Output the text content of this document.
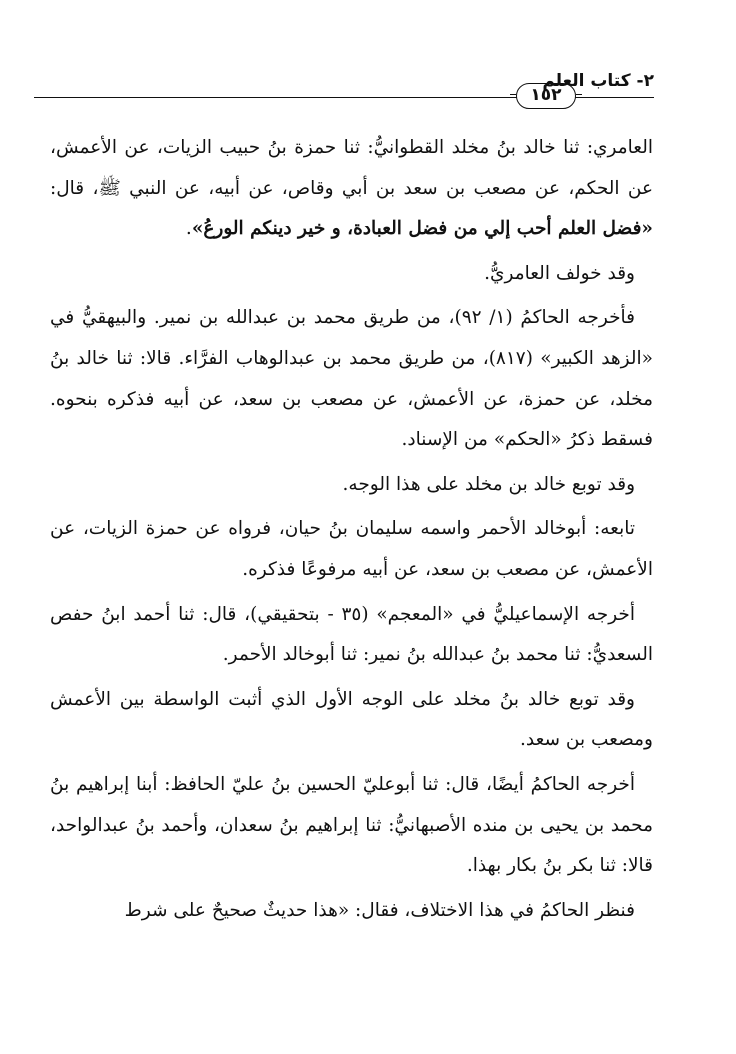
١٥٢
٢- كتاب العلم

العامري: ثنا خالد بنُ مخلد القطوانيُّ: ثنا حمزة بنُ حبيب الزيات، عن الأعمش، عن الحكم، عن مصعب بن سعد بن أبي وقاص، عن أبيه، عن النبي ﷺ، قال: «فضل العلم أحب إلي من فضل العبادة، و خير دينكم الورعُ».

وقد خولف العامريُّ.

فأخرجه الحاكمُ (١/ ٩٢)، من طريق محمد بن عبدالله بن نمير. والبيهقيُّ في «الزهد الكبير» (٨١٧)، من طريق محمد بن عبدالوهاب الفرَّاء. قالا: ثنا خالد بنُ مخلد، عن حمزة، عن الأعمش، عن مصعب بن سعد، عن أبيه فذكره بنحوه. فسقط ذكرُ «الحكم» من الإسناد.

وقد توبع خالد بن مخلد على هذا الوجه.

تابعه: أبوخالد الأحمر واسمه سليمان بنُ حيان، فرواه عن حمزة الزيات، عن الأعمش، عن مصعب بن سعد، عن أبيه مرفوعًا فذكره.

أخرجه الإسماعيليُّ في «المعجم» (٣٥ - بتحقيقي)، قال: ثنا أحمد ابنُ حفص السعديُّ: ثنا محمد بنُ عبدالله بنُ نمير: ثنا أبوخالد الأحمر.

وقد توبع خالد بنُ مخلد على الوجه الأول الذي أثبت الواسطة بين الأعمش ومصعب بن سعد.

أخرجه الحاكمُ أيضًا، قال: ثنا أبوعليّ الحسين بنُ عليّ الحافظ: أبنا إبراهيم بنُ محمد بن يحيى بن منده الأصبهانيُّ: ثنا إبراهيم بنُ سعدان، وأحمد بنُ عبدالواحد، قالا: ثنا بكر بنُ بكار بهذا.

فنظر الحاكمُ في هذا الاختلاف، فقال: «هذا حديثٌ صحيحٌ على شرط
